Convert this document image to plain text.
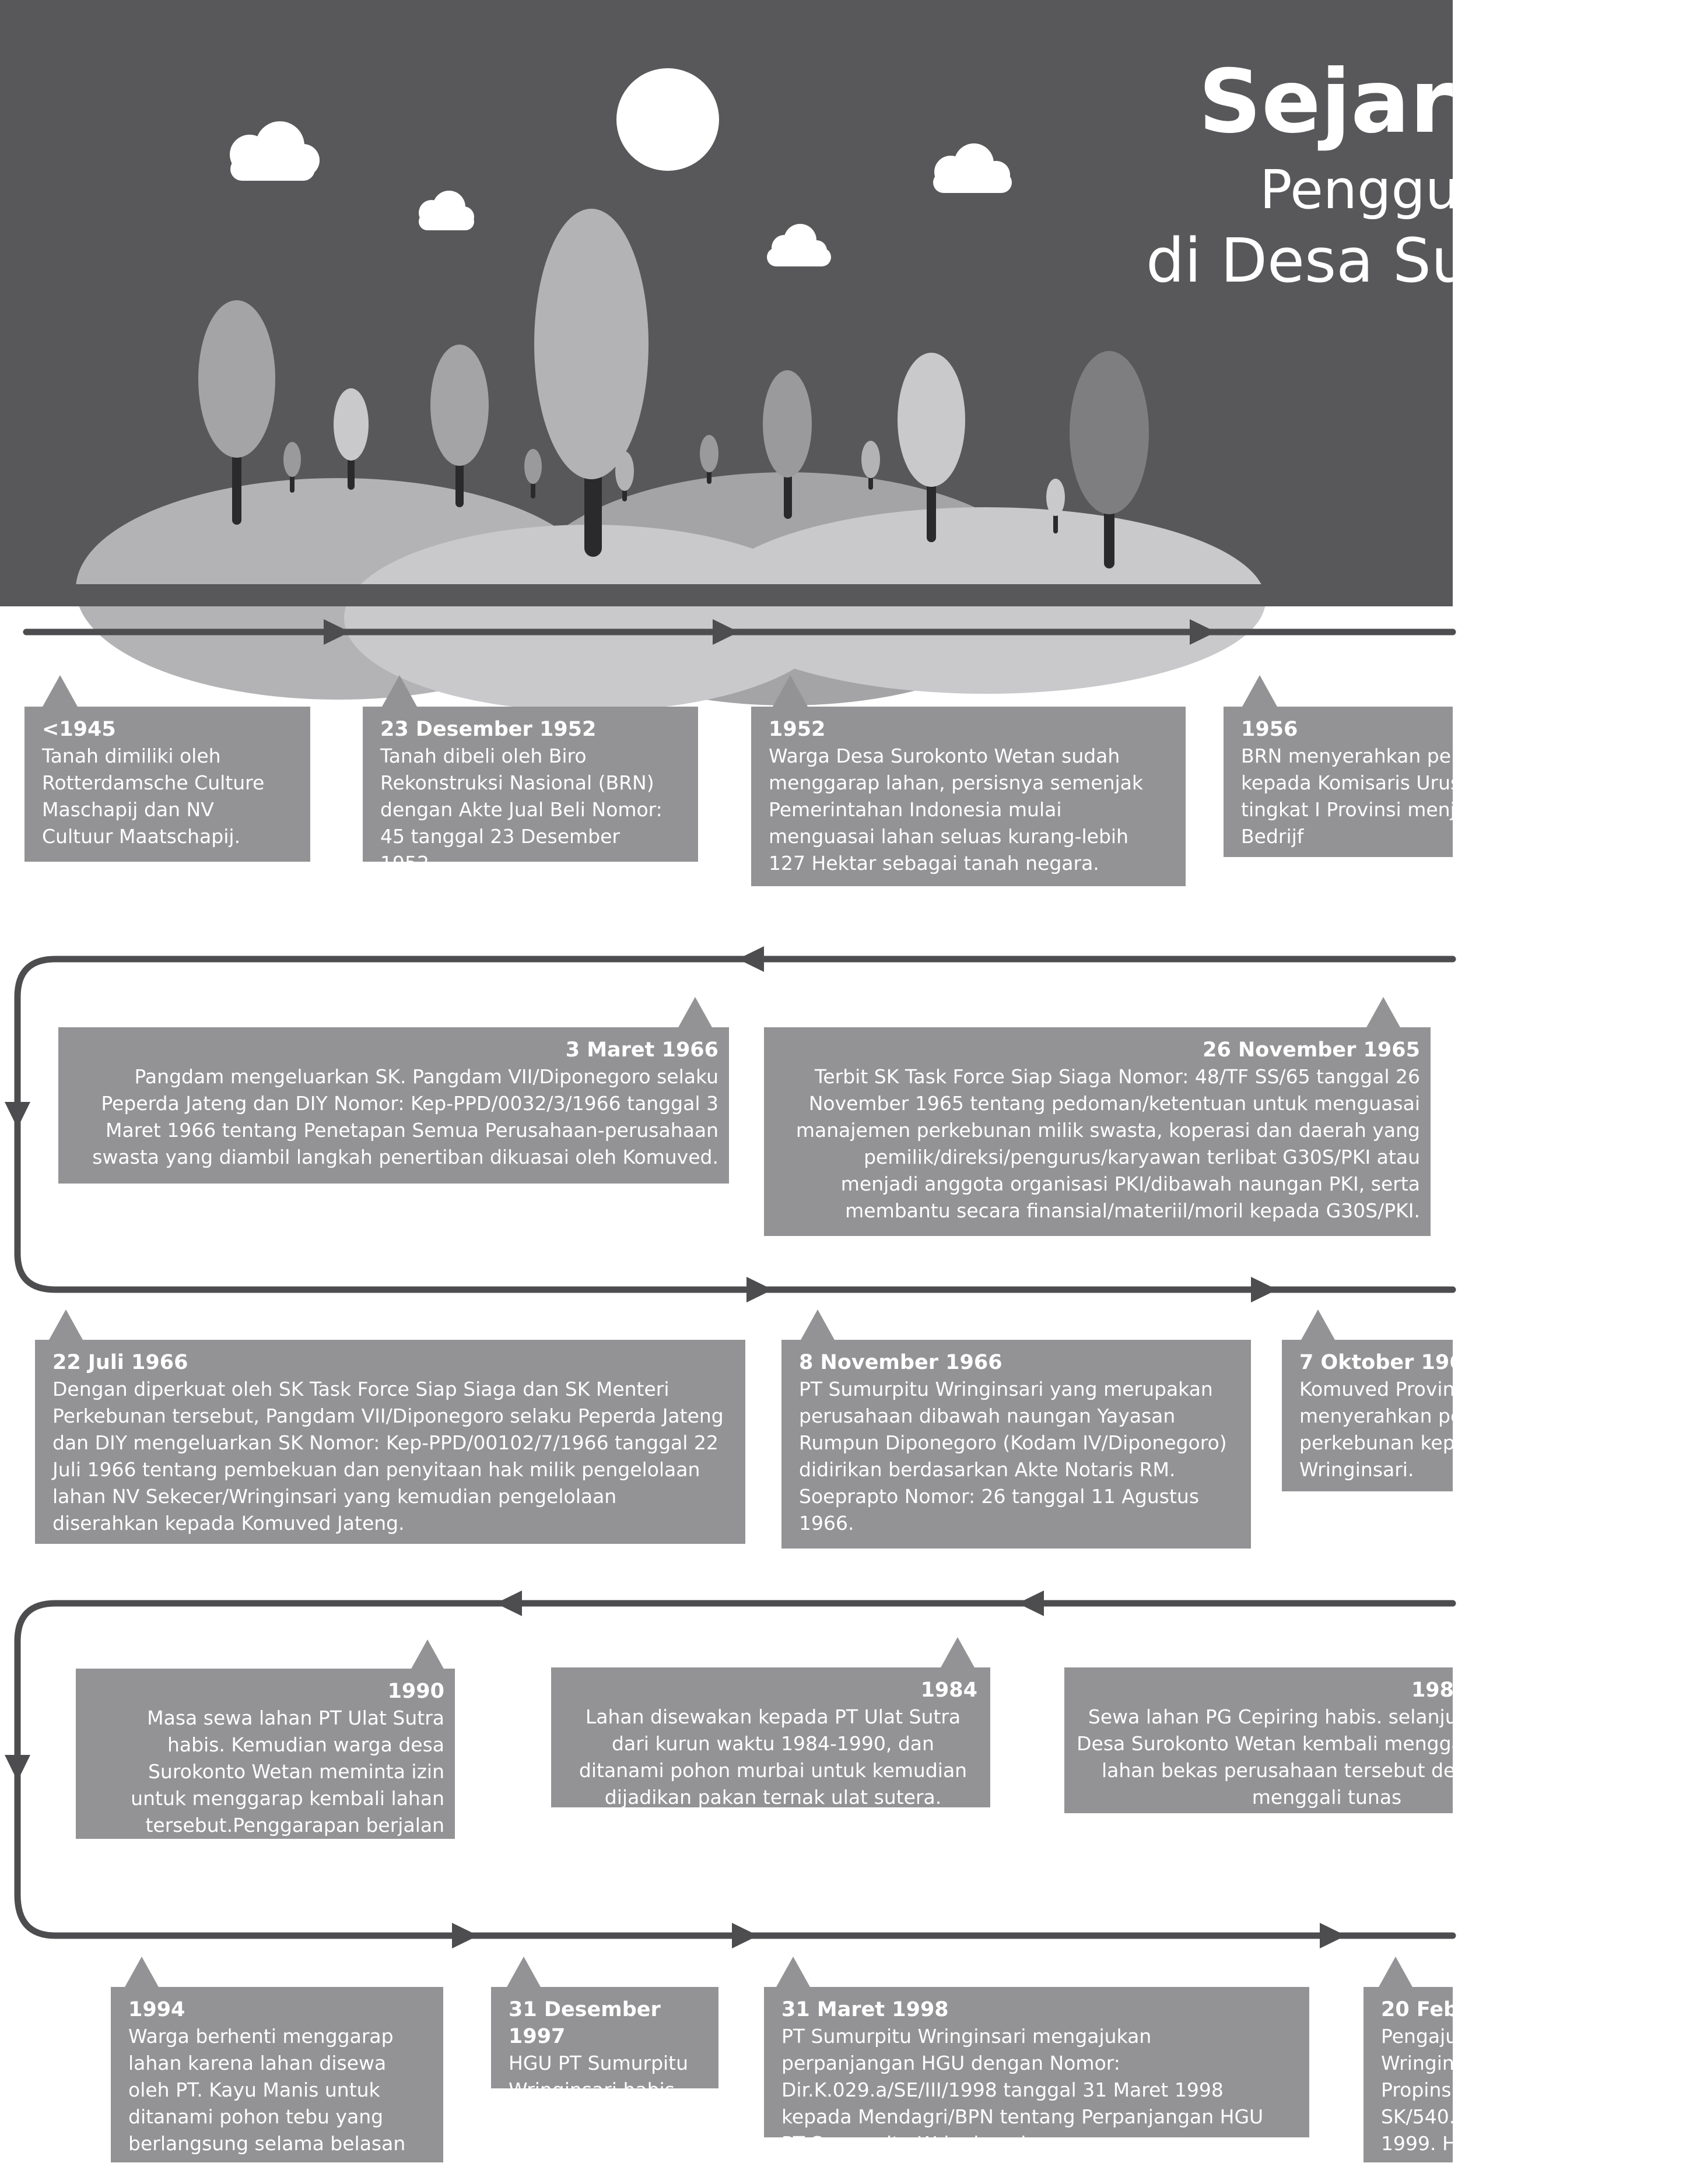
Sejarah
Penggunaan
di Desa Surokonto
<1945
Tanah dimiliki oleh Rotterdamsche Culture Maschapij dan NV Cultuur Maatschapij.
23 Desember 1952
Tanah dibeli oleh Biro Rekonstruksi Nasional (BRN) dengan Akte Jual Beli Nomor: 45 tanggal 23 Desember 1952.
1952
Warga Desa Surokonto Wetan sudah menggarap lahan, persisnya semenjak Pemerintahan Indonesia mulai menguasai lahan seluas kurang-lebih 127 Hektar sebagai tanah negara.
1956
BRN menyerahkan pengelolaan kepada Komisaris Urusan Daerah tingkat I Provinsi menjadi “Credit Bedrijf
3 Maret 1966
Pangdam mengeluarkan SK. Pangdam VII/Diponegoro selaku Peperda Jateng dan DIY Nomor: Kep-PPD/0032/3/1966 tanggal 3 Maret 1966 tentang Penetapan Semua Perusahaan-perusahaan swasta yang diambil langkah penertiban dikuasai oleh Komuved.
26 November 1965
Terbit SK Task Force Siap Siaga Nomor: 48/TF SS/65 tanggal 26 November 1965 tentang pedoman/ketentuan untuk menguasai manajemen perkebunan milik swasta, koperasi dan daerah yang pemilik/direksi/pengurus/karyawan terlibat G30S/PKI atau menjadi anggota organisasi PKI/dibawah naungan PKI, serta membantu secara finansial/materiil/moril kepada G30S/PKI.
22 Juli 1966
Dengan diperkuat oleh SK Task Force Siap Siaga dan SK Menteri Perkebunan tersebut, Pangdam VII/Diponegoro selaku Peperda Jateng dan DIY mengeluarkan SK Nomor: Kep-PPD/00102/7/1966 tanggal 22 Juli 1966 tentang pembekuan dan penyitaan hak milik pengelolaan lahan NV Sekecer/Wringinsari yang kemudian pengelolaan diserahkan kepada Komuved Jateng.
8 November 1966
PT Sumurpitu Wringinsari yang merupakan perusahaan dibawah naungan Yayasan Rumpun Diponegoro (Kodam IV/Diponegoro) didirikan berdasarkan Akte Notaris RM. Soeprapto Nomor: 26 tanggal 11 Agustus 1966.
7 Oktober 1966
Komuved Provinsi menyerahkan pengelolaan perkebunan kepada PT Wringinsari.
1990
Masa sewa lahan PT Ulat Sutra habis. Kemudian warga desa Surokonto Wetan meminta izin untuk menggarap kembali lahan tersebut.Penggarapan berjalan sekitar 4 tahun.
1984
Lahan disewakan kepada PT Ulat Sutra dari kurun waktu 1984-1990, dan ditanami pohon murbai untuk kemudian dijadikan pakan ternak ulat sutera.
198
Sewa lahan PG Cepiring habis. selanjutnya warga Desa Surokonto Wetan kembali menggarap kembali lahan bekas perusahaan tersebut dengan cara menggali tunas
1994
Warga berhenti menggarap lahan karena lahan disewa oleh PT. Kayu Manis untuk ditanami pohon tebu yang berlangsung selama belasan tahun.
31 Desember 1997
HGU PT Sumurpitu Wringinsari habis.
31 Maret 1998
PT Sumurpitu Wringinsari mengajukan perpanjangan HGU dengan Nomor: Dir.K.029.a/SE/III/1998 tanggal 31 Maret 1998 kepada Mendagri/BPN tentang Perpanjangan HGU PT Sumurpitu Wringinsari.
20 Febr
Pengajuan Wringinsari Propinsi SK/540. 1999. H
